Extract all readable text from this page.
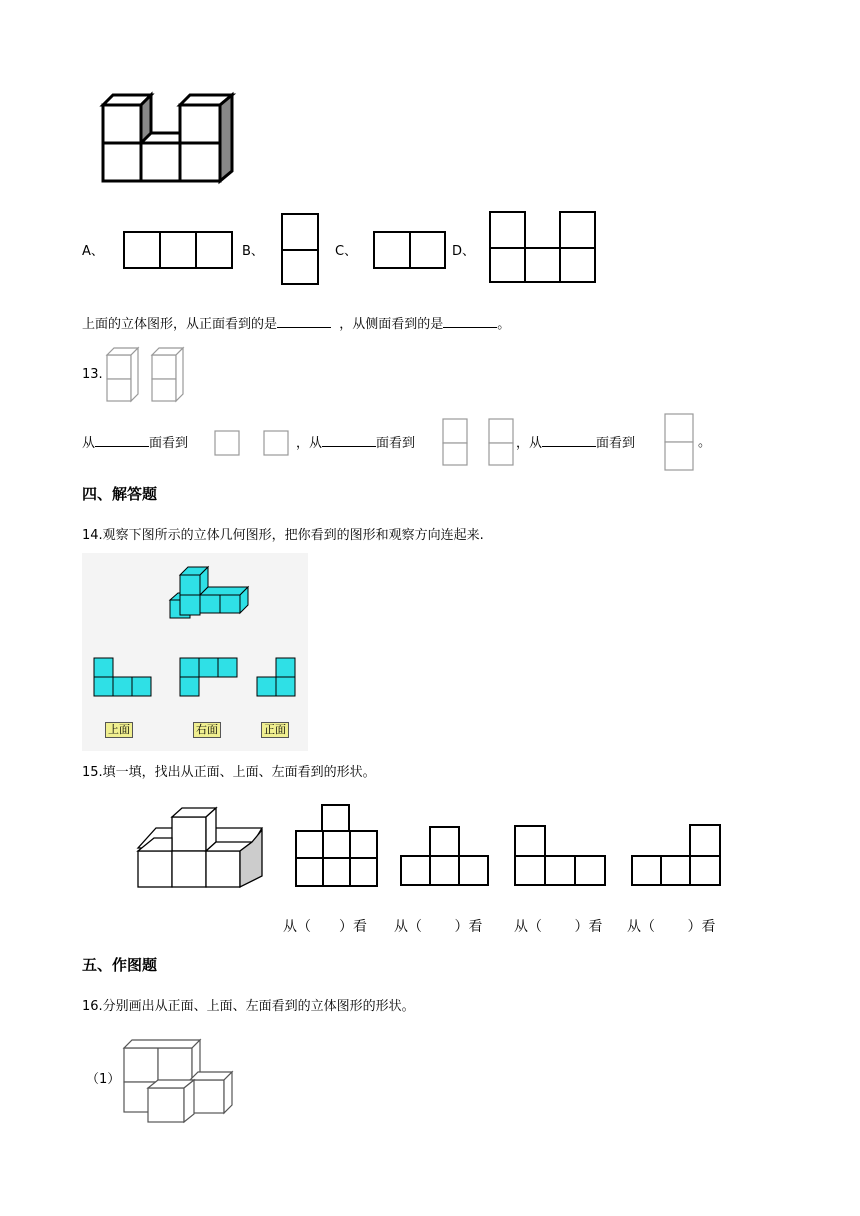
A、	B、	C、	D、
上面的立体图形，从正面看到的是	，从侧面看到的是	。
13.
从	面看到	，从	面看到	，从	面看到	。
四、解答题
14.观察下图所示的立体几何图形，把你看到的图形和观察方向连起来.
上面	右面	正面
15.填一填，找出从正面、上面、左面看到的形状。
从（　　）看 从（　　 ）看 从（　　 ）看 从（　　 ）看
五、作图题
16.分别画出从正面、上面、左面看到的立体图形的形状。
（1）
